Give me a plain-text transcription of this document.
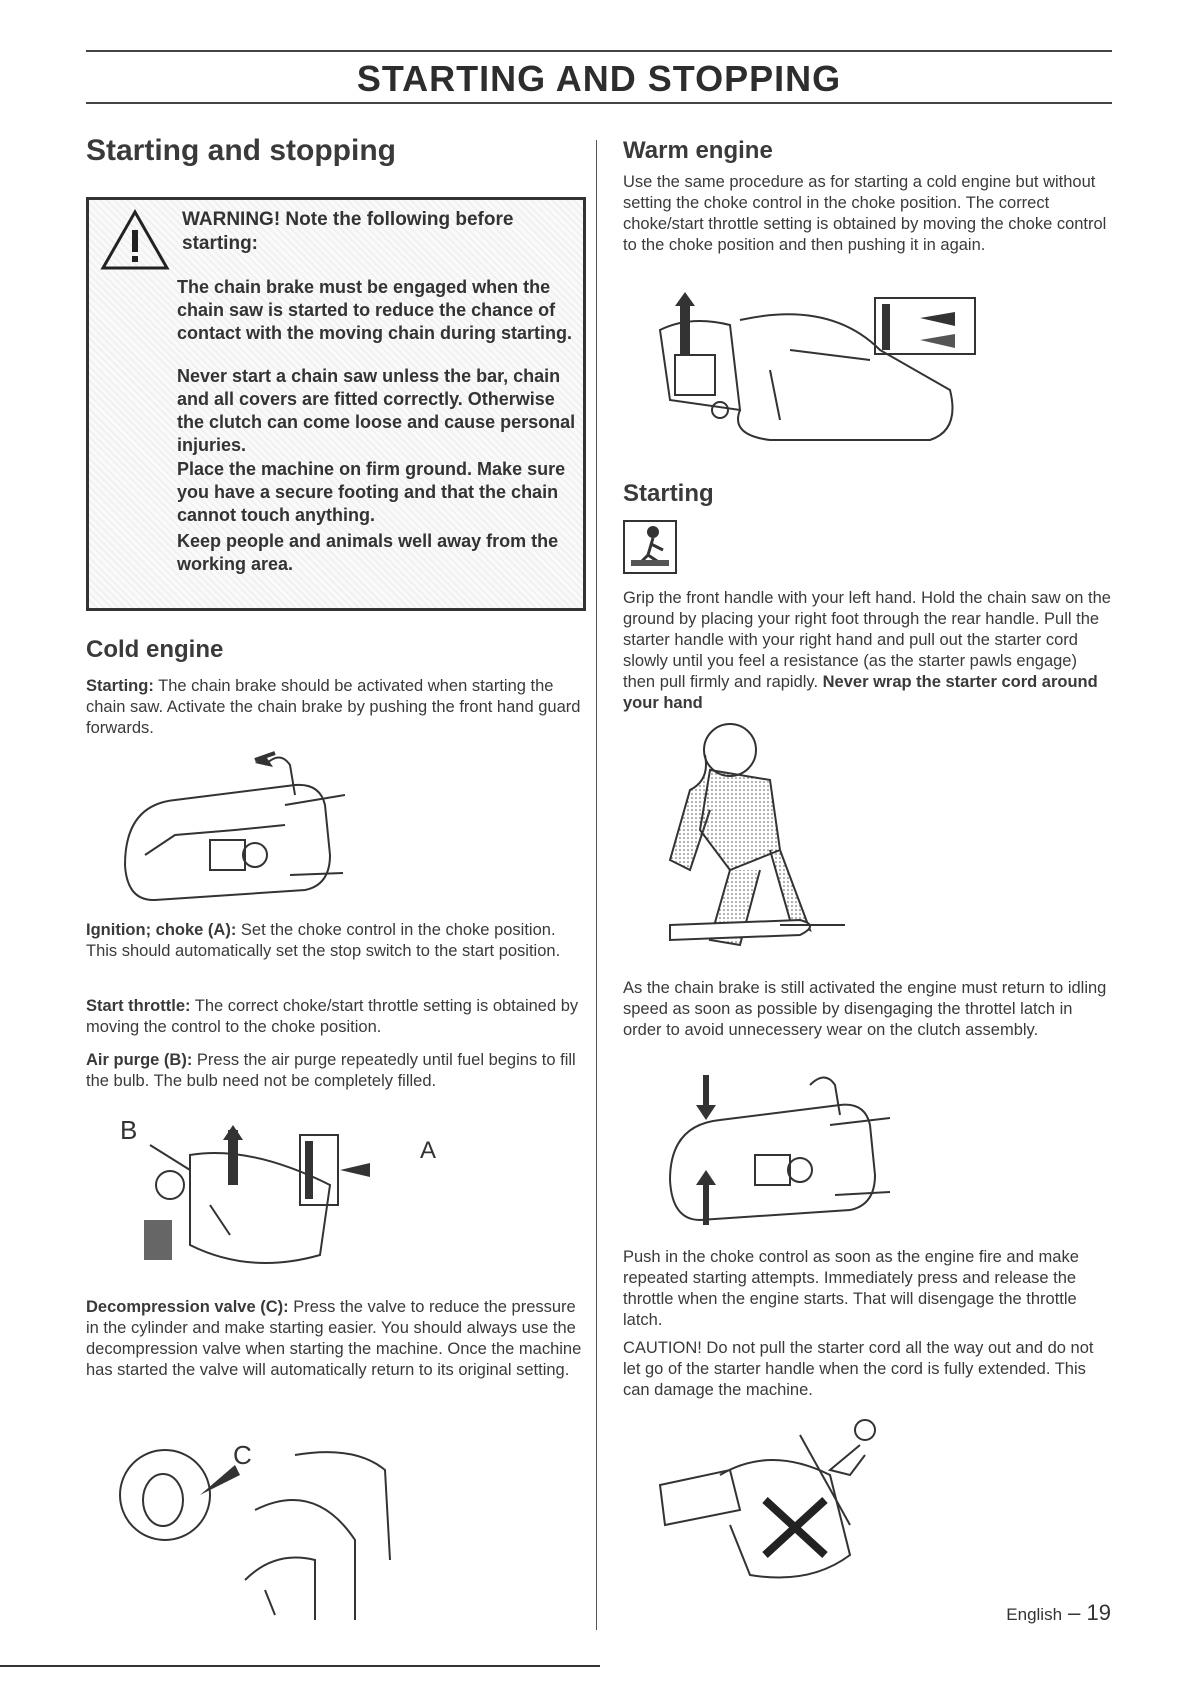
STARTING AND STOPPING
Starting and stopping
WARNING! Note the following before starting:
The chain brake must be engaged when the chain saw is started to reduce the chance of contact with the moving chain during starting.
Never start a chain saw unless the bar, chain and all covers are fitted correctly. Otherwise the clutch can come loose and cause personal injuries.
Place the machine on firm ground. Make sure you have a secure footing and that the chain cannot touch anything.
Keep people and animals well away from the working area.
Cold engine

Starting: The chain brake should be activated when starting the chain saw. Activate the chain brake by pushing the front hand guard forwards.

Ignition; choke (A): Set the choke control in the choke position. This should automatically set the stop switch to the start position.

Start throttle: The correct choke/start throttle setting is obtained by moving the control to the choke position.

Air purge (B): Press the air purge repeatedly until fuel begins to fill the bulb. The bulb need not be completely filled.

B
A

Decompression valve (C): Press the valve to reduce the pressure in the cylinder and make starting easier. You should always use the decompression valve when starting the machine. Once the machine has started the valve will automatically return to its original setting.

C
Warm engine

Use the same procedure as for starting a cold engine but without setting the choke control in the choke position. The correct choke/start throttle setting is obtained by moving the choke control to the choke position and then pushing it in again.

Starting

Grip the front handle with your left hand. Hold the chain saw on the ground by placing your right foot through the rear handle. Pull the starter handle with your right hand and pull out the starter cord slowly until you feel a resistance (as the starter pawls engage) then pull firmly and rapidly. Never wrap the starter cord around your hand

As the chain brake is still activated the engine must return to idling speed as soon as possible by disengaging the throttel latch in order to avoid unnecessery wear on the clutch assembly.

Push in the choke control as soon as the engine fire and make repeated starting attempts. Immediately press and release the throttle when the engine starts. That will disengage the throttle latch.

CAUTION! Do not pull the starter cord all the way out and do not let go of the starter handle when the cord is fully extended. This can damage the machine.

English – 19
